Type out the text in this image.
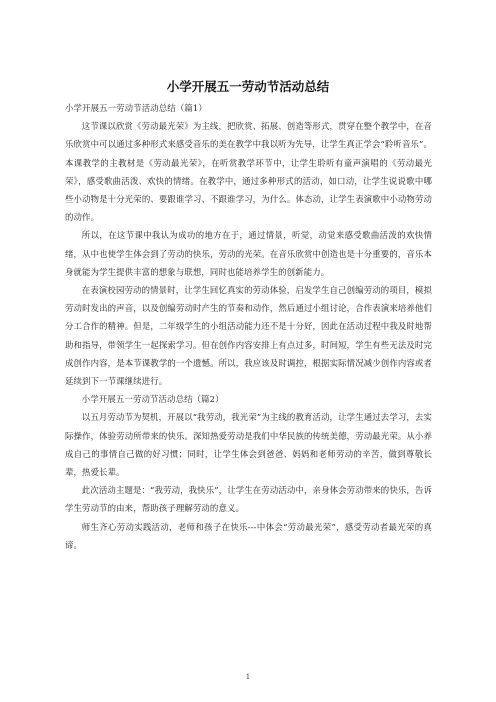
小学开展五一劳动节活动总结

小学开展五一劳动节活动总结（篇1）

这节课以欣赏《劳动最光荣》为主线，把欣赏、拓展、创造等形式，贯穿在整个教学中，在音乐欣赏中可以通过多种形式来感受音乐的美在教学中我以听为先导，让学生真正学会“聆听音乐”。本课教学的主教材是《劳动最光荣》，在听赏教学环节中，让学生聆听有童声演唱的《劳动最光荣》，感受歌曲活泼、欢快的情绪。在教学中，通过多种形式的活动，如口动，让学生说说歌中哪些小动物是十分光荣的、要跟谁学习、不跟谁学习，为什么。体态动，让学生表演歌中小动物劳动的动作。

所以，在这节课中我认为成功的地方在于，通过情景，听觉，动觉来感受歌曲活泼的欢快情绪，从中也使学生体会到了劳动的快乐，劳动的光荣。在音乐欣赏中创造也是十分重要的，音乐本身就能为学生提供丰富的想象与联想，同时也能培养学生的创新能力。

在表演校园劳动的情景时，让学生回忆真实的劳动体验，启发学生自己创编劳动的项目，模拟劳动时发出的声音，以及创编劳动时产生的节奏和动作，然后通过小组讨论，合作表演来培养他们分工合作的精神。但是，二年级学生的小组活动能力还不是十分好，因此在活动过程中我及时地帮助和指导，带领学生一起探索学习。但在创作内容安排上有点过多，时间短，学生有些无法及时完成创作内容，是本节课教学的一个遗憾。所以，我应该及时调控，根据实际情况减少创作内容或者延续到下一节课继续进行。

小学开展五一劳动节活动总结（篇2）

以五月劳动节为契机，开展以“我劳动，我光荣”为主线的教育活动，让学生通过去学习，去实际操作，体验劳动所带来的快乐。深知热爱劳动是我们中华民族的传统美德，劳动最光荣。从小养成自己的事情自己做的好习惯；同时，让学生体会到爸爸、妈妈和老师劳动的辛苦，做到尊敬长辈，热爱长辈。

此次活动主题是：“我劳动，我快乐”，让学生在劳动活动中，亲身体会劳动带来的快乐，告诉学生劳动节的由来，帮助孩子理解劳动的意义。

师生齐心劳动实践活动，老师和孩子在快乐---中体会“劳动最光荣”，感受劳动者最光荣的真谛。

1
